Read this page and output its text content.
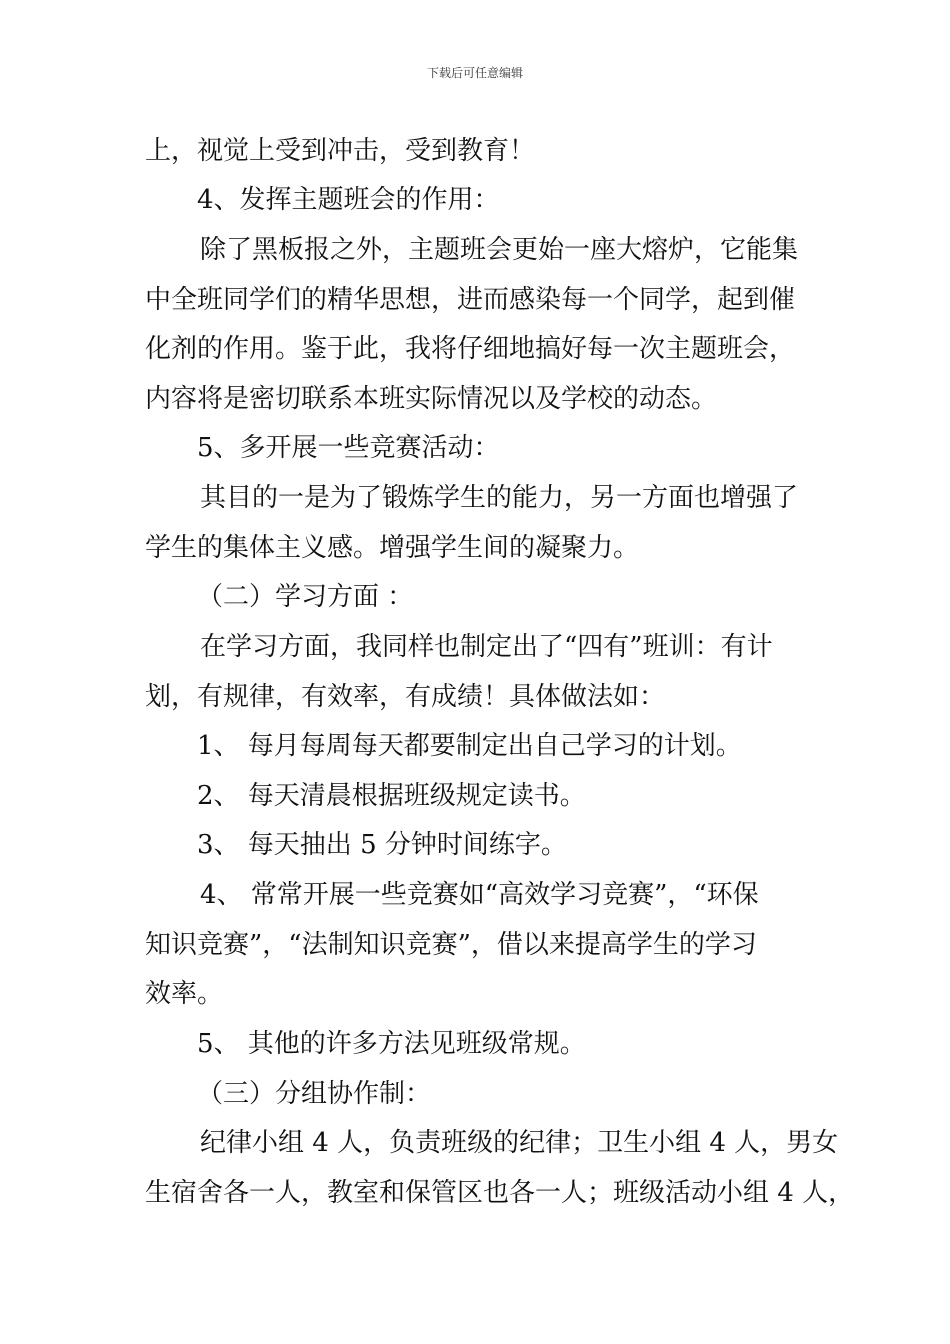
下载后可任意编辑
上，视觉上受到冲击，受到教育！
4、发挥主题班会的作用：
除了黑板报之外，主题班会更始一座大熔炉，它能集
中全班同学们的精华思想，进而感染每一个同学，起到催
化剂的作用。鉴于此，我将仔细地搞好每一次主题班会，
内容将是密切联系本班实际情况以及学校的动态。
5、多开展一些竞赛活动：
其目的一是为了锻炼学生的能力，另一方面也增强了
学生的集体主义感。增强学生间的凝聚力。
（二）学习方面 ：
在学习方面，我同样也制定出了“四有”班训：有计
划，有规律，有效率，有成绩！具体做法如：
1、 每月每周每天都要制定出自己学习的计划。
2、 每天清晨根据班级规定读书。
3、 每天抽出 5 分钟时间练字。
4、 常常开展一些竞赛如“高效学习竞赛”，“环保
知识竞赛”，“法制知识竞赛”，借以来提高学生的学习
效率。
5、 其他的许多方法见班级常规。
（三）分组协作制：
纪律小组 4 人，负责班级的纪律；卫生小组 4 人，男女
生宿舍各一人，教室和保管区也各一人；班级活动小组 4 人，
